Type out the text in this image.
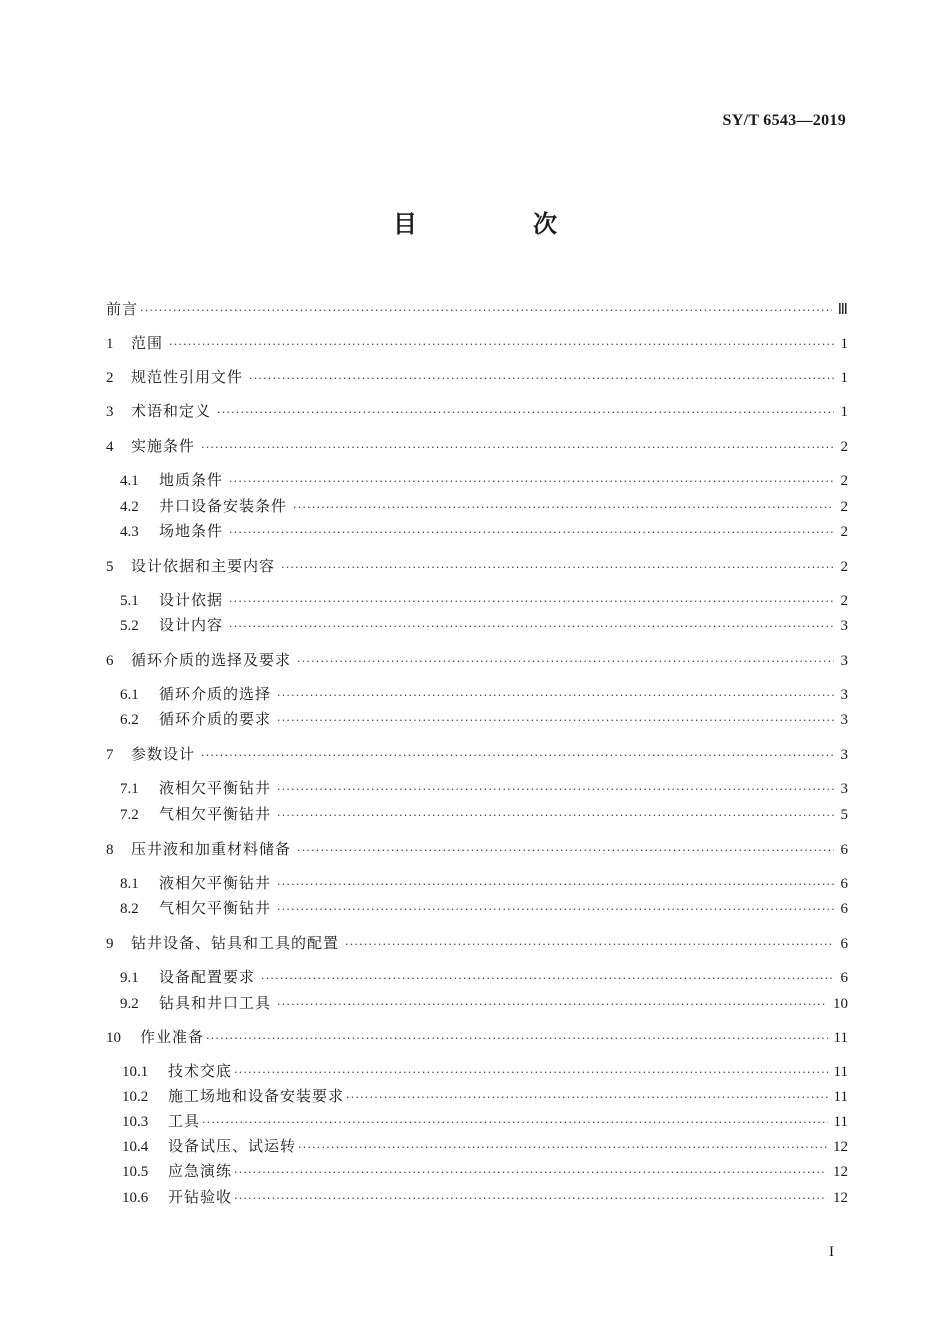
SY/T 6543—2019
目　次
前言 ·····	Ⅲ
1	范围 ·····	1
2	规范性引用文件 ·····	1
3	术语和定义 ·····	1
4	实施条件 ·····	2
4.1	地质条件 ·····	2
4.2	井口设备安装条件 ·····	2
4.3	场地条件 ·····	2
5	设计依据和主要内容 ·····	2
5.1	设计依据 ·····	2
5.2	设计内容 ·····	3
6	循环介质的选择及要求 ·····	3
6.1	循环介质的选择 ·····	3
6.2	循环介质的要求 ·····	3
7	参数设计 ·····	3
7.1	液相欠平衡钻井 ·····	3
7.2	气相欠平衡钻井 ·····	5
8	压井液和加重材料储备 ·····	6
8.1	液相欠平衡钻井 ·····	6
8.2	气相欠平衡钻井 ·····	6
9	钻井设备、钻具和工具的配置 ·····	6
9.1	设备配置要求 ·····	6
9.2	钻具和井口工具 ·····	10
10	作业准备 ·····	11
10.1	技术交底 ·····	11
10.2	施工场地和设备安装要求 ·····	11
10.3	工具 ·····	11
10.4	设备试压、试运转 ·····	12
10.5	应急演练 ·····	12
10.6	开钻验收 ·····	12
I
